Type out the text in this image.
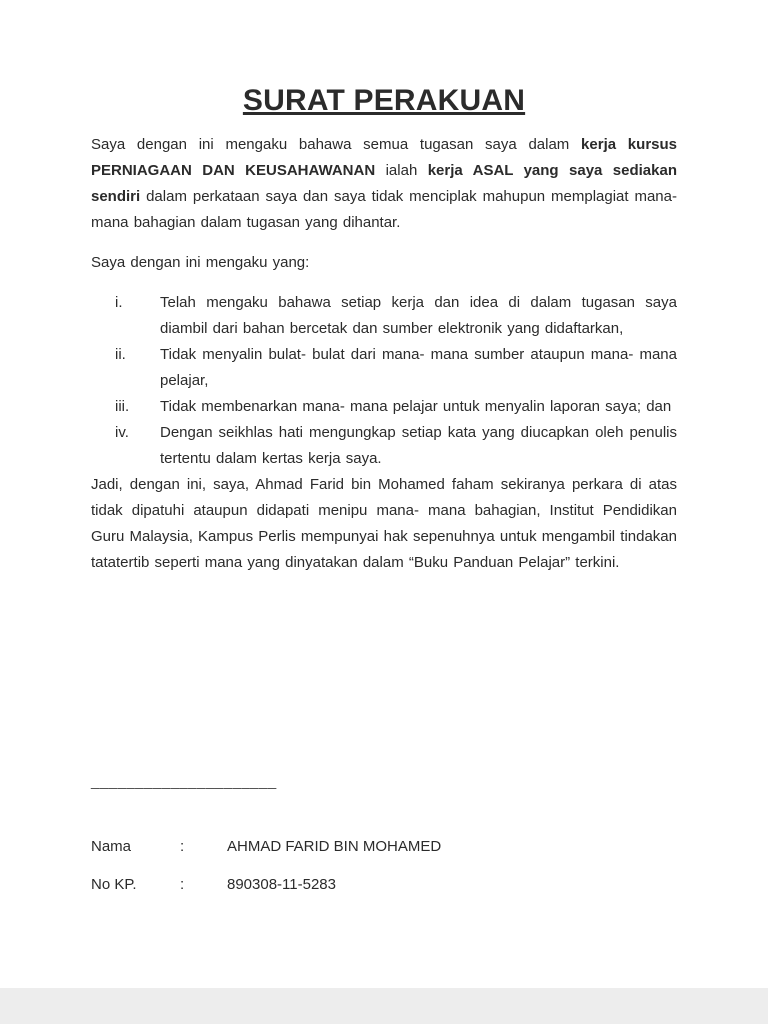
SURAT PERAKUAN

Saya dengan ini mengaku bahawa semua tugasan saya dalam kerja kursus PERNIAGAAN DAN KEUSAHAWANAN ialah kerja ASAL yang saya sediakan sendiri dalam perkataan saya dan saya tidak menciplak mahupun memplagiat mana- mana bahagian dalam tugasan yang dihantar.

Saya dengan ini mengaku yang:

i.	Telah mengaku bahawa setiap kerja dan idea di dalam tugasan saya diambil dari bahan bercetak dan sumber elektronik yang didaftarkan,
ii.	Tidak menyalin bulat- bulat dari mana- mana sumber ataupun mana- mana pelajar,
iii.	Tidak membenarkan mana- mana pelajar untuk menyalin laporan saya; dan
iv.	Dengan seikhlas hati mengungkap setiap kata yang diucapkan oleh penulis tertentu dalam kertas kerja saya.

Jadi, dengan ini, saya, Ahmad Farid bin Mohamed faham sekiranya perkara di atas tidak dipatuhi ataupun didapati menipu mana- mana bahagian, Institut Pendidikan Guru Malaysia, Kampus Perlis mempunyai hak sepenuhnya untuk mengambil tindakan tatatertib seperti mana yang dinyatakan dalam “Buku Panduan Pelajar” terkini.

_____________________
Nama	:	AHMAD FARID BIN MOHAMED
No KP.	:	890308-11-5283
